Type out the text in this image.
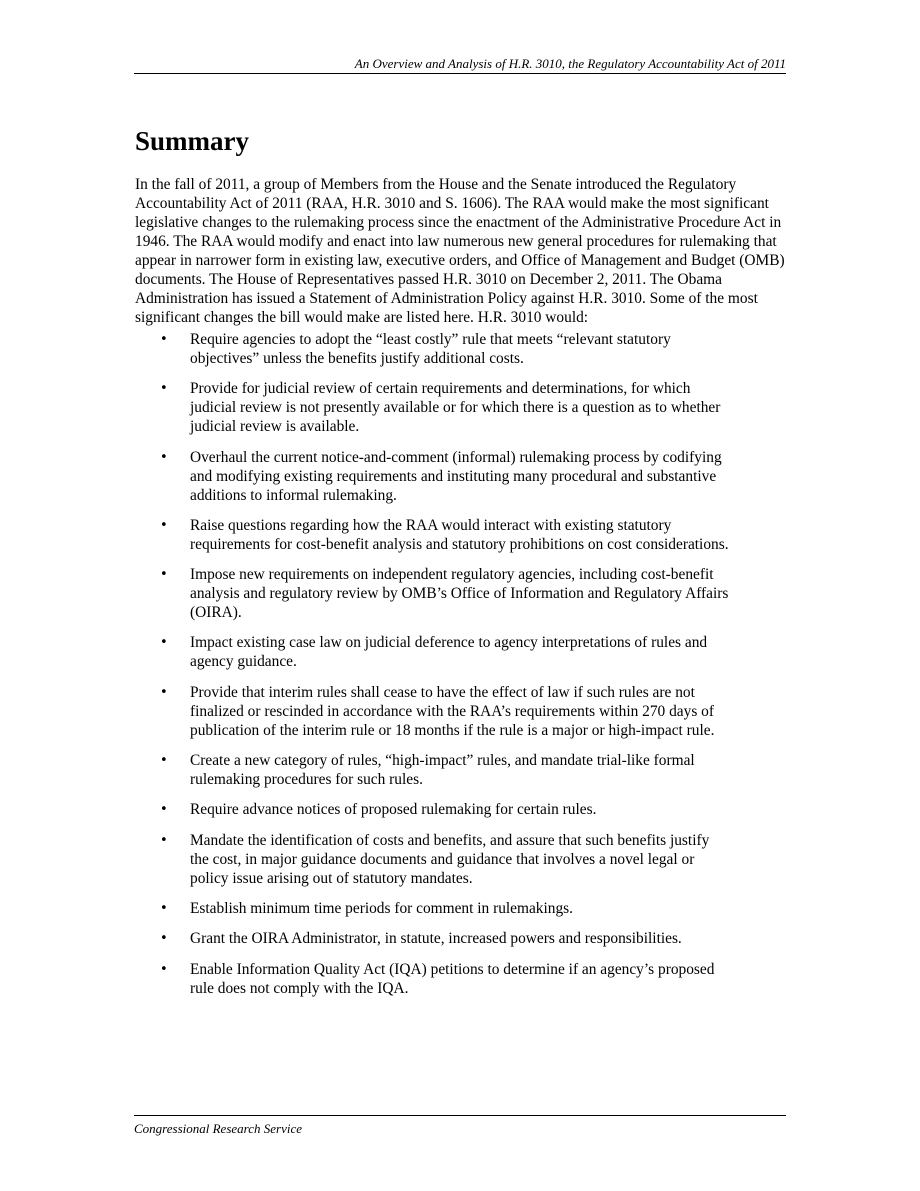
An Overview and Analysis of H.R. 3010, the Regulatory Accountability Act of 2011
Summary

In the fall of 2011, a group of Members from the House and the Senate introduced the Regulatory Accountability Act of 2011 (RAA, H.R. 3010 and S. 1606). The RAA would make the most significant legislative changes to the rulemaking process since the enactment of the Administrative Procedure Act in 1946. The RAA would modify and enact into law numerous new general procedures for rulemaking that appear in narrower form in existing law, executive orders, and Office of Management and Budget (OMB) documents. The House of Representatives passed H.R. 3010 on December 2, 2011. The Obama Administration has issued a Statement of Administration Policy against H.R. 3010. Some of the most significant changes the bill would make are listed here. H.R. 3010 would:

• Require agencies to adopt the “least costly” rule that meets “relevant statutory objectives” unless the benefits justify additional costs.
• Provide for judicial review of certain requirements and determinations, for which judicial review is not presently available or for which there is a question as to whether judicial review is available.
• Overhaul the current notice-and-comment (informal) rulemaking process by codifying and modifying existing requirements and instituting many procedural and substantive additions to informal rulemaking.
• Raise questions regarding how the RAA would interact with existing statutory requirements for cost-benefit analysis and statutory prohibitions on cost considerations.
• Impose new requirements on independent regulatory agencies, including cost-benefit analysis and regulatory review by OMB’s Office of Information and Regulatory Affairs (OIRA).
• Impact existing case law on judicial deference to agency interpretations of rules and agency guidance.
• Provide that interim rules shall cease to have the effect of law if such rules are not finalized or rescinded in accordance with the RAA’s requirements within 270 days of publication of the interim rule or 18 months if the rule is a major or high-impact rule.
• Create a new category of rules, “high-impact” rules, and mandate trial-like formal rulemaking procedures for such rules.
• Require advance notices of proposed rulemaking for certain rules.
• Mandate the identification of costs and benefits, and assure that such benefits justify the cost, in major guidance documents and guidance that involves a novel legal or policy issue arising out of statutory mandates.
• Establish minimum time periods for comment in rulemakings.
• Grant the OIRA Administrator, in statute, increased powers and responsibilities.
• Enable Information Quality Act (IQA) petitions to determine if an agency’s proposed rule does not comply with the IQA.
Congressional Research Service
